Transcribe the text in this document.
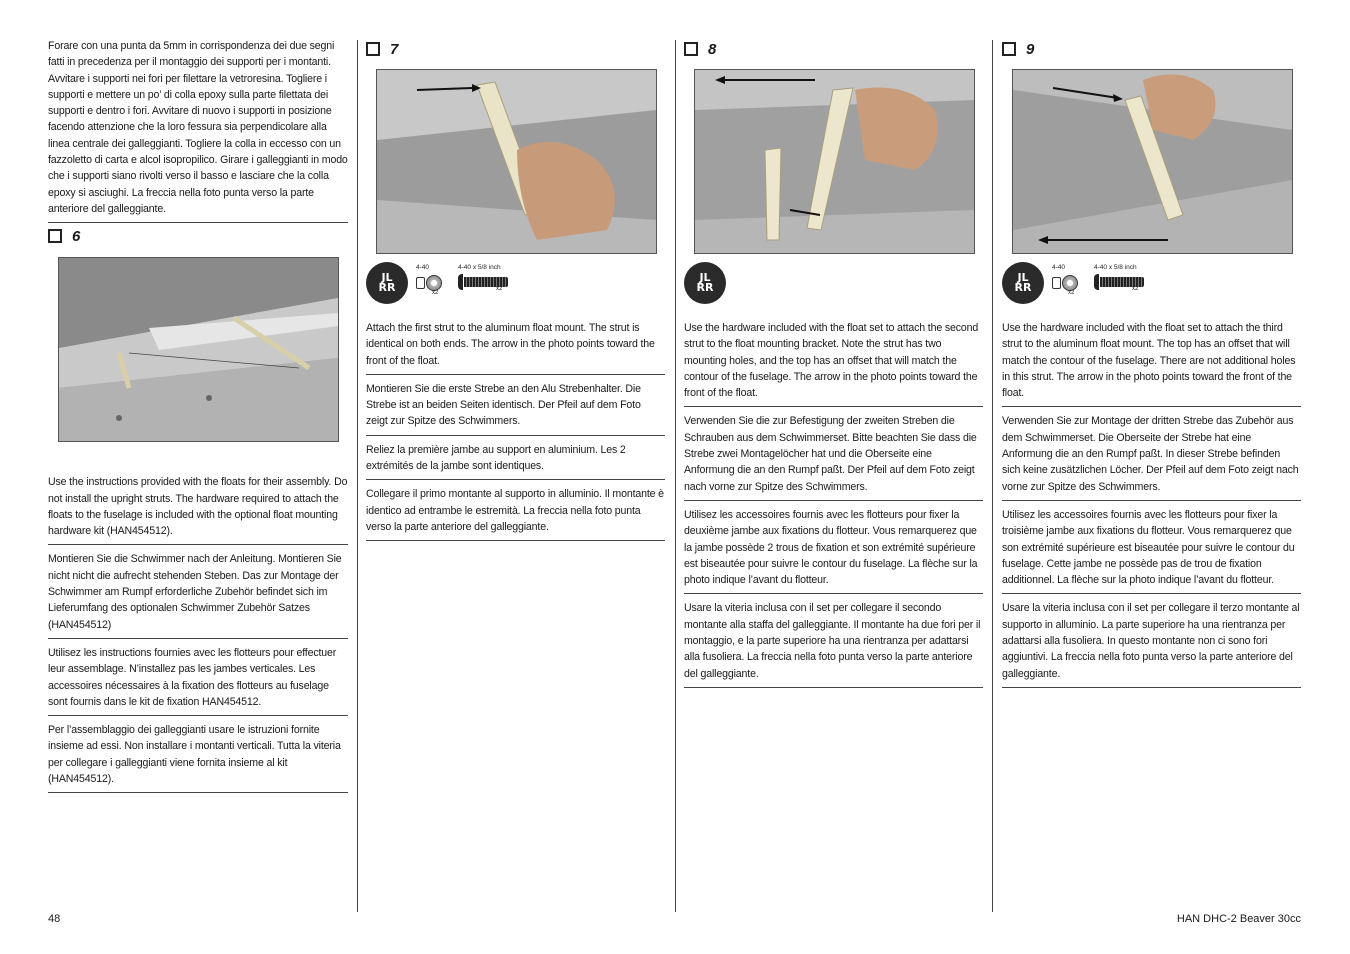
Forare con una punta da 5mm in corrispondenza dei due segni fatti in precedenza per il montaggio dei supporti per i montanti. Avvitare i supporti nei fori per filettare la vetroresina. Togliere i supporti e mettere un po’ di colla epoxy sulla parte filettata dei supporti e dentro i fori. Avvitare di nuovo i supporti in posizione facendo attenzione che la loro fessura sia perpendicolare alla linea centrale dei galleggianti. Togliere la colla in eccesso con un fazzoletto di carta e alcol isopropilico. Girare i galleggianti in modo che i supporti siano rivolti verso il basso e lasciare che la colla epoxy si asciughi. La freccia nella foto punta verso la parte anteriore del galleggiante.

6

Use the instructions provided with the floats for their assembly. Do not install the upright struts. The hardware required to attach the floats to the fuselage is included with the optional float mounting hardware kit (HAN454512).

Montieren Sie die Schwimmer nach der Anleitung. Montieren Sie nicht nicht die aufrecht stehenden Steben. Das zur Montage der Schwimmer am Rumpf erforderliche Zubehör befindet sich im Lieferumfang des optionalen Schwimmer Zubehör Satzes (HAN454512)

Utilisez les instructions fournies avec les flotteurs pour effectuer leur assemblage. N’installez pas les jambes verticales. Les accessoires nécessaires à la fixation des flotteurs au fuselage sont fournis dans le kit de fixation HAN454512.

Per l’assemblaggio dei galleggianti usare le istruzioni fornite insieme ad essi. Non installare i montanti verticali. Tutta la viteria per collegare i galleggianti viene fornita insieme al kit (HAN454512).

7
JL
RR
4-40
x2
4-40 x 5/8 inch
x2

Attach the first strut to the aluminum float mount. The strut is identical on both ends. The arrow in the photo points toward the front of the float.

Montieren Sie die erste Strebe an den Alu Strebenhalter. Die Strebe ist an beiden Seiten identisch. Der Pfeil auf dem Foto zeigt zur Spitze des Schwimmers.

Reliez la première jambe au support en aluminium. Les 2 extrémités de la jambe sont identiques.

Collegare il primo montante al supporto in alluminio. Il montante è identico ad entrambe le estremità. La freccia nella foto punta verso la parte anteriore del galleggiante.

8
JL
RR

Use the hardware included with the float set to attach the second strut to the float mounting bracket. Note the strut has two mounting holes, and the top has an offset that will match the contour of the fuselage. The arrow in the photo points toward the front of the float.

Verwenden Sie die zur Befestigung der zweiten Streben die Schrauben aus dem Schwimmerset. Bitte beachten Sie dass die Strebe zwei Montagelöcher hat und die Oberseite eine Anformung die an den Rumpf paßt. Der Pfeil auf dem Foto zeigt nach vorne zur Spitze des Schwimmers.

Utilisez les accessoires fournis avec les flotteurs pour fixer la deuxième jambe aux fixations du flotteur. Vous remarquerez que la jambe possède 2 trous de fixation et son extrémité supérieure est biseautée pour suivre le contour du fuselage. La flèche sur la photo indique l’avant du flotteur.

Usare la viteria inclusa con il set per collegare il secondo montante alla staffa del galleggiante. Il montante ha due fori per il montaggio, e la parte superiore ha una rientranza per adattarsi alla fusoliera. La freccia nella foto punta verso la parte anteriore del galleggiante.

9
JL
RR
4-40
x2
4-40 x 5/8 inch
x2

Use the hardware included with the float set to attach the third strut to the aluminum float mount. The top has an offset that will match the contour of the fuselage. There are not additional holes in this strut. The arrow in the photo points toward the front of the float.

Verwenden Sie zur Montage der dritten Strebe das Zubehör aus dem Schwimmerset. Die Oberseite der Strebe hat eine Anformung die an den Rumpf paßt. In dieser Strebe befinden sich keine zusätzlichen Löcher. Der Pfeil auf dem Foto zeigt nach vorne zur Spitze des Schwimmers.

Utilisez les accessoires fournis avec les flotteurs pour fixer la troisième jambe aux fixations du flotteur. Vous remarquerez que son extrémité supérieure est biseautée pour suivre le contour du fuselage. Cette jambe ne possède pas de trou de fixation additionnel. La flèche sur la photo indique l’avant du flotteur.

Usare la viteria inclusa con il set per collegare il terzo montante al supporto in alluminio. La parte superiore ha una rientranza per adattarsi alla fusoliera. In questo montante non ci sono fori aggiuntivi. La freccia nella foto punta verso la parte anteriore del galleggiante.

48	HAN DHC-2 Beaver 30cc
